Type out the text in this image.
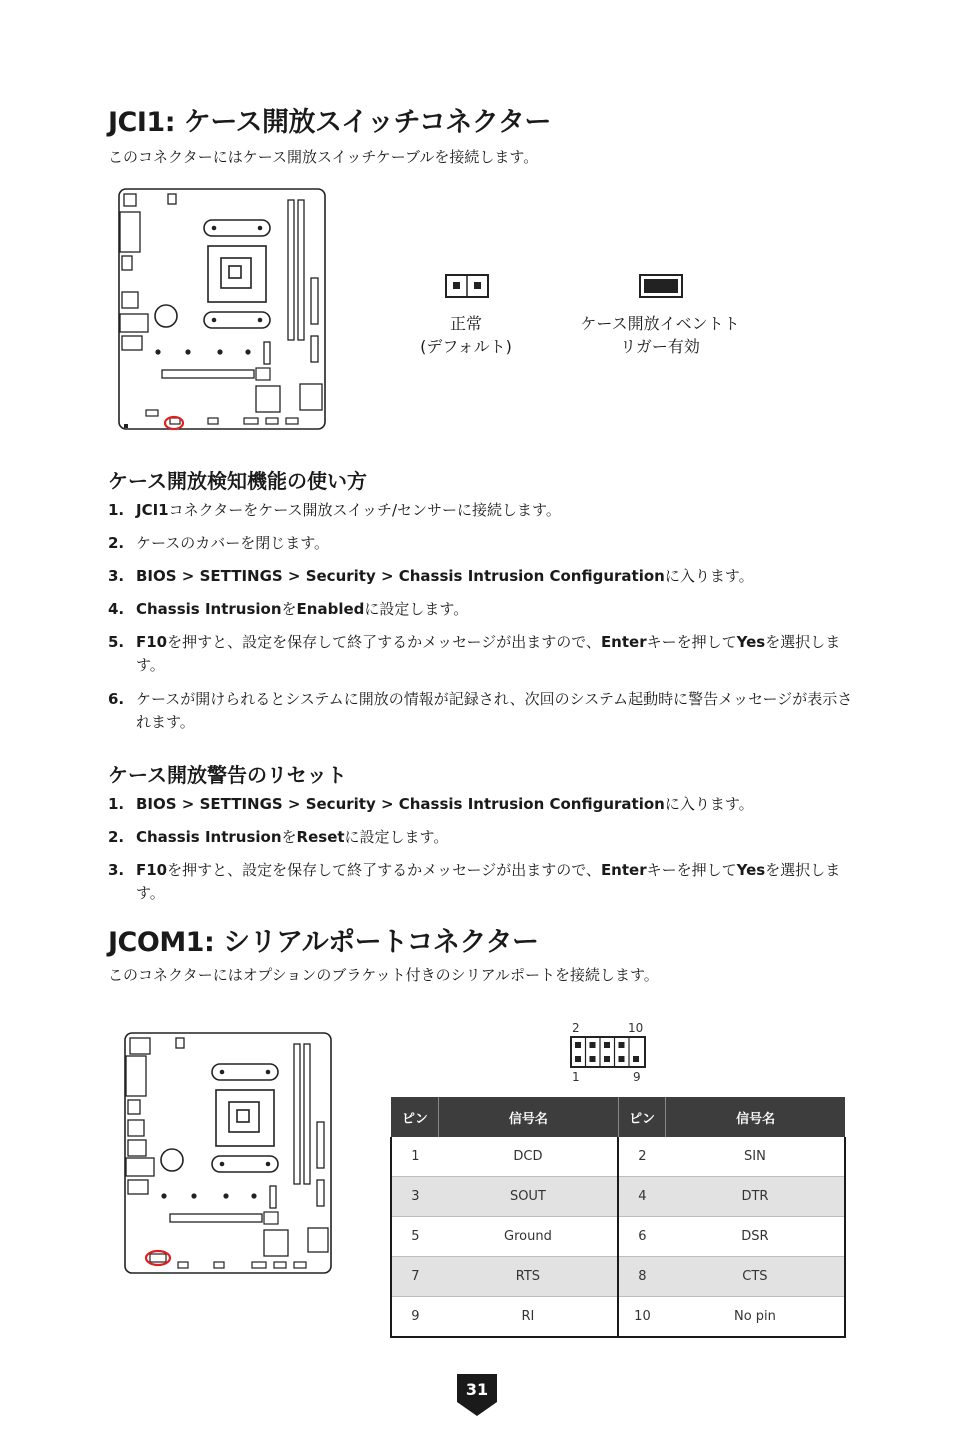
JCI1: ケース開放スイッチコネクター
このコネクターにはケース開放スイッチケーブルを接続します。
正常
(デフォルト)
ケース開放イベントト
リガー有効
ケース開放検知機能の使い方
1. JCI1コネクターをケース開放スイッチ/センサーに接続します。
2. ケースのカバーを閉じます。
3. BIOS > SETTINGS > Security > Chassis Intrusion Configurationに入ります。
4. Chassis IntrusionをEnabledに設定します。
5. F10を押すと、設定を保存して終了するかメッセージが出ますので、Enterキーを押してYesを選択します。
6. ケースが開けられるとシステムに開放の情報が記録され、次回のシステム起動時に警告メッセージが表示されます。
ケース開放警告のリセット
1. BIOS > SETTINGS > Security > Chassis Intrusion Configurationに入ります。
2. Chassis IntrusionをResetに設定します。
3. F10を押すと、設定を保存して終了するかメッセージが出ますので、Enterキーを押してYesを選択します。
JCOM1: シリアルポートコネクター
このコネクターにはオプションのブラケット付きのシリアルポートを接続します。
2	10
1	9
ピン	信号名	ピン	信号名
1	DCD	2	SIN
3	SOUT	4	DTR
5	Ground	6	DSR
7	RTS	8	CTS
9	RI	10	No pin
31
